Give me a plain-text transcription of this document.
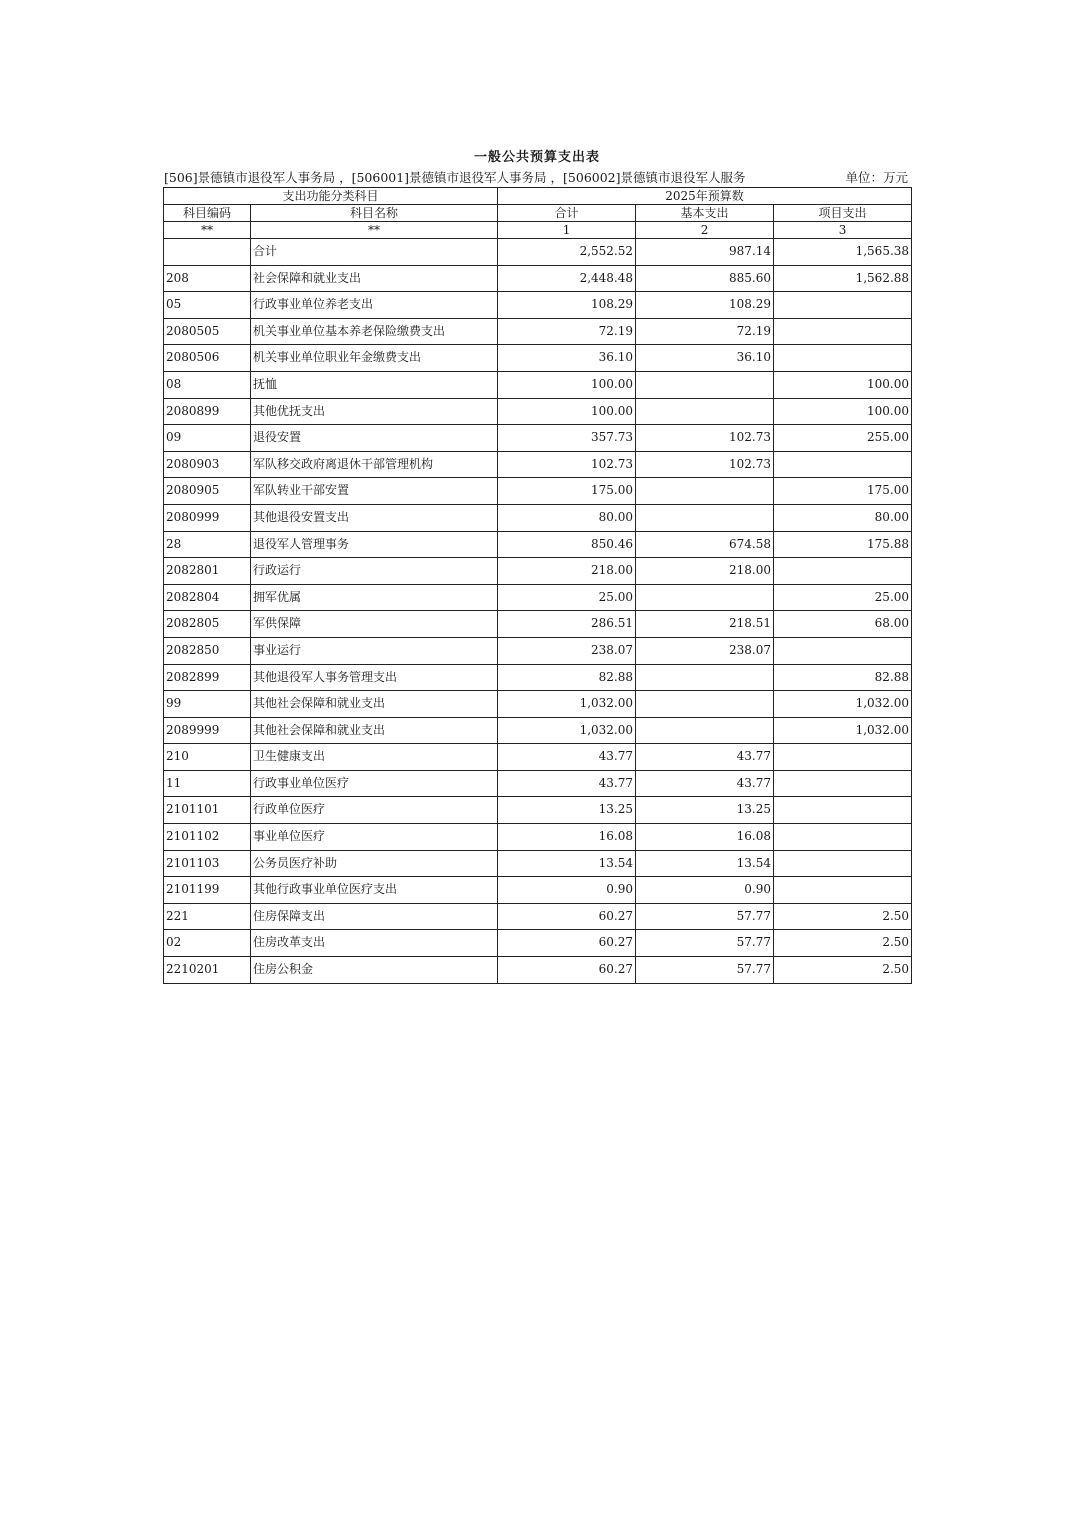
一般公共预算支出表
[506]景德镇市退役军人事务局 ，[506001]景德镇市退役军人事务局 ，[506002]景德镇市退役军人服务	单位：万元
支出功能分类科目		2025年预算数		
科目编码	科目名称	合计	基本支出	项目支出
**	**	1	2	3
	合计	2,552.52	987.14	1,565.38
208	社会保障和就业支出	2,448.48	885.60	1,562.88
05	行政事业单位养老支出	108.29	108.29	
2080505	机关事业单位基本养老保险缴费支出	72.19	72.19	
2080506	机关事业单位职业年金缴费支出	36.10	36.10	
08	抚恤	100.00		100.00
2080899	其他优抚支出	100.00		100.00
09	退役安置	357.73	102.73	255.00
2080903	军队移交政府离退休干部管理机构	102.73	102.73	
2080905	军队转业干部安置	175.00		175.00
2080999	其他退役安置支出	80.00		80.00
28	退役军人管理事务	850.46	674.58	175.88
2082801	行政运行	218.00	218.00	
2082804	拥军优属	25.00		25.00
2082805	军供保障	286.51	218.51	68.00
2082850	事业运行	238.07	238.07	
2082899	其他退役军人事务管理支出	82.88		82.88
99	其他社会保障和就业支出	1,032.00		1,032.00
2089999	其他社会保障和就业支出	1,032.00		1,032.00
210	卫生健康支出	43.77	43.77	
11	行政事业单位医疗	43.77	43.77	
2101101	行政单位医疗	13.25	13.25	
2101102	事业单位医疗	16.08	16.08	
2101103	公务员医疗补助	13.54	13.54	
2101199	其他行政事业单位医疗支出	0.90	0.90	
221	住房保障支出	60.27	57.77	2.50
02	住房改革支出	60.27	57.77	2.50
2210201	住房公积金	60.27	57.77	2.50
